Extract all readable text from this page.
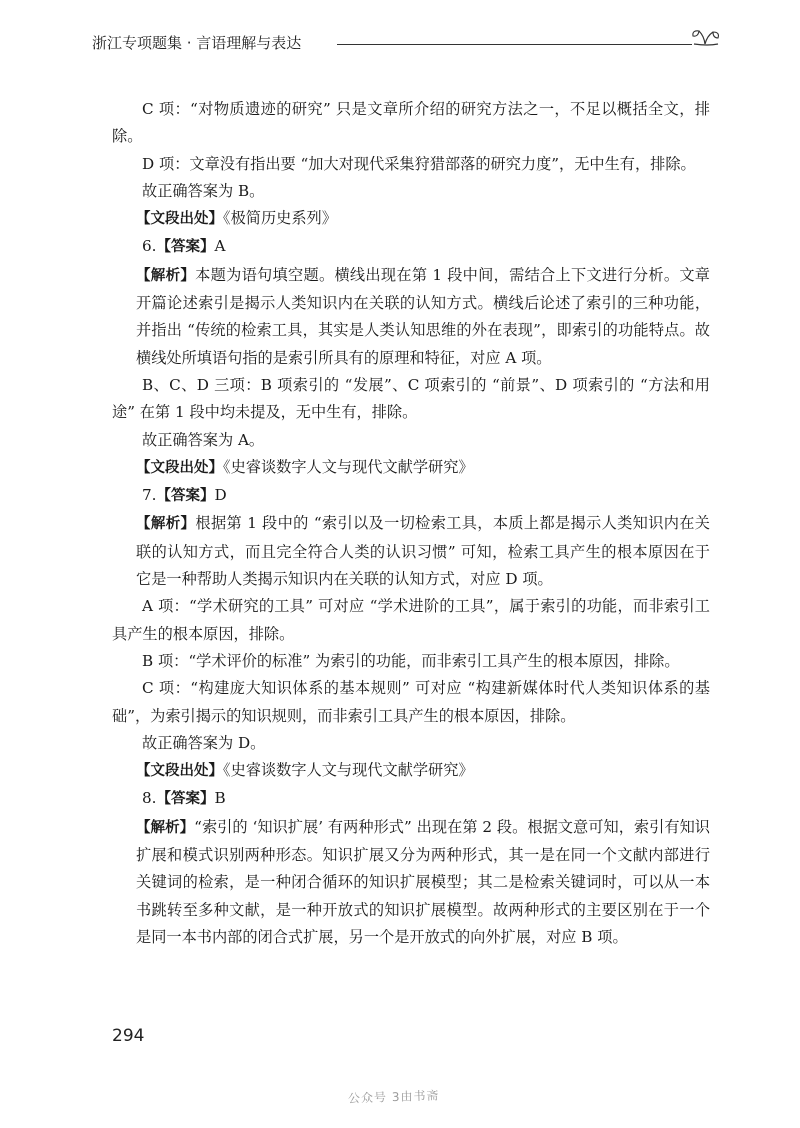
浙江专项题集 · 言语理解与表达

C 项：“对物质遗迹的研究” 只是文章所介绍的研究方法之一，不足以概括全文，排除。

D 项：文章没有指出要 “加大对现代采集狩猎部落的研究力度”，无中生有，排除。

故正确答案为 B。

【文段出处】《极简历史系列》

6.【答案】A

【解析】本题为语句填空题。横线出现在第 1 段中间，需结合上下文进行分析。文章开篇论述索引是揭示人类知识内在关联的认知方式。横线后论述了索引的三种功能，并指出 “传统的检索工具，其实是人类认知思维的外在表现”，即索引的功能特点。故横线处所填语句指的是索引所具有的原理和特征，对应 A 项。

B、C、D 三项：B 项索引的 “发展”、C 项索引的 “前景”、D 项索引的 “方法和用途” 在第 1 段中均未提及，无中生有，排除。

故正确答案为 A。

【文段出处】《史睿谈数字人文与现代文献学研究》

7.【答案】D

【解析】根据第 1 段中的 “索引以及一切检索工具，本质上都是揭示人类知识内在关联的认知方式，而且完全符合人类的认识习惯” 可知，检索工具产生的根本原因在于它是一种帮助人类揭示知识内在关联的认知方式，对应 D 项。

A 项：“学术研究的工具” 可对应 “学术进阶的工具”，属于索引的功能，而非索引工具产生的根本原因，排除。

B 项：“学术评价的标准” 为索引的功能，而非索引工具产生的根本原因，排除。

C 项：“构建庞大知识体系的基本规则” 可对应 “构建新媒体时代人类知识体系的基础”，为索引揭示的知识规则，而非索引工具产生的根本原因，排除。

故正确答案为 D。

【文段出处】《史睿谈数字人文与现代文献学研究》

8.【答案】B

【解析】“索引的 ‘知识扩展’ 有两种形式” 出现在第 2 段。根据文意可知，索引有知识扩展和模式识别两种形态。知识扩展又分为两种形式，其一是在同一个文献内部进行关键词的检索，是一种闭合循环的知识扩展模型；其二是检索关键词时，可以从一本书跳转至多种文献，是一种开放式的知识扩展模型。故两种形式的主要区别在于一个是同一本书内部的闭合式扩展，另一个是开放式的向外扩展，对应 B 项。

294
公众号 3由书斋
